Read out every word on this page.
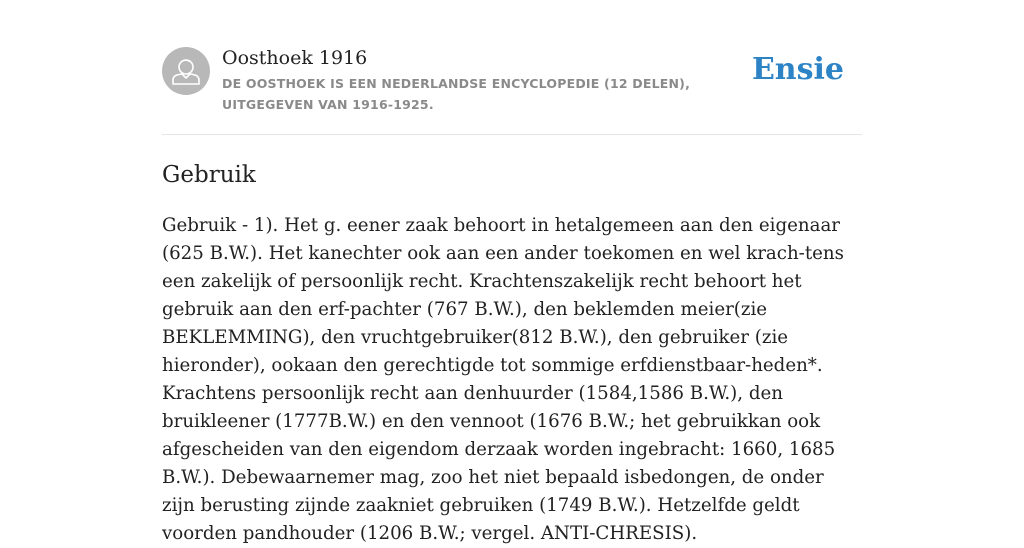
Oosthoek 1916
DE OOSTHOEK IS EEN NEDERLANDSE ENCYCLOPEDIE (12 DELEN), UITGEGEVEN VAN 1916-1925.
Ensie
Gebruik

Gebruik - 1). Het g. eener zaak behoort in hetalgemeen aan den eigenaar (625 B.W.). Het kanechter ook aan een ander toekomen en wel krach-tens een zakelijk of persoonlijk recht. Krachtenszakelijk recht behoort het gebruik aan den erf-pachter (767 B.W.), den beklemden meier(zie BEKLEMMING), den vruchtgebruiker(812 B.W.), den gebruiker (zie hieronder), ookaan den gerechtigde tot sommige erfdienstbaar-heden*. Krachtens persoonlijk recht aan denhuurder (1584,1586 B.W.), den bruikleener (1777B.W.) en den vennoot (1676 B.W.; het gebruikkan ook afgescheiden van den eigendom derzaak worden ingebracht: 1660, 1685 B.W.). Debewaarnemer mag, zoo het niet bepaald isbedongen, de onder zijn berusting zijnde zaakniet gebruiken (1749 B.W.). Hetzelfde geldt voorden pandhouder (1206 B.W.; vergel. ANTI-CHRESIS).
